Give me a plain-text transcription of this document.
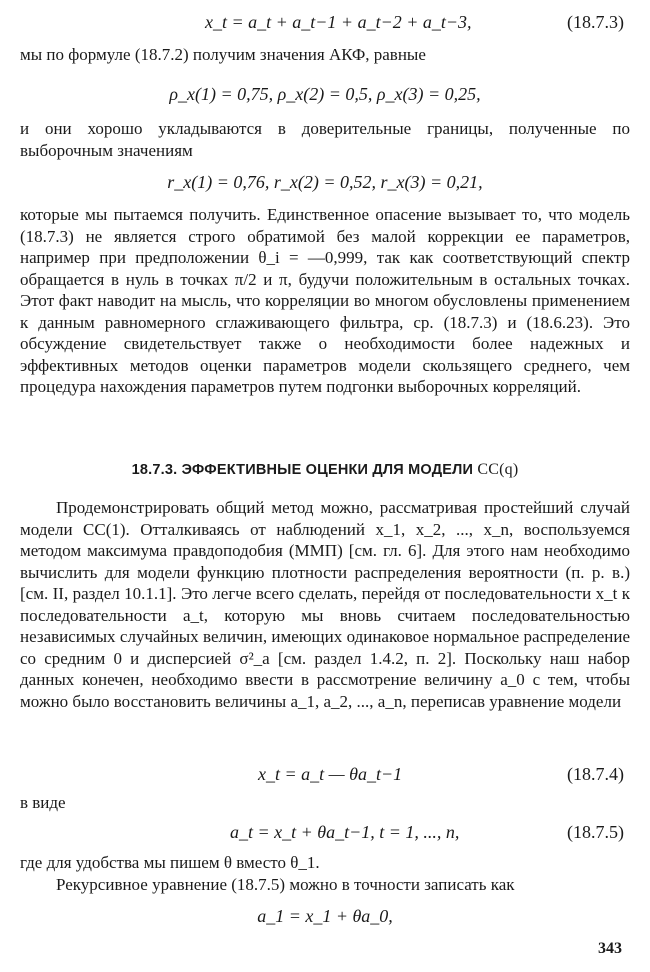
x_t = a_t + a_t−1 + a_t−2 + a_t−3,	(18.7.3)
мы по формуле (18.7.2) получим значения АКФ, равные
ρ_x(1) = 0,75, ρ_x(2) = 0,5, ρ_x(3) = 0,25,
и они хорошо укладываются в доверительные границы, полученные по выборочным значениям
r_x(1) = 0,76, r_x(2) = 0,52, r_x(3) = 0,21,
которые мы пытаемся получить. Единственное опасение вызывает то, что модель (18.7.3) не является строго обратимой без малой коррекции ее параметров, например при предположении θ_i = —0,999, так как соответствующий спектр обращается в нуль в точках π/2 и π, будучи положительным в остальных точках. Этот факт наводит на мысль, что корреляции во многом обусловлены применением к данным равномерного сглаживающего фильтра, ср. (18.7.3) и (18.6.23). Это обсуждение свидетельствует также о необходимости более надежных и эффективных методов оценки параметров модели скользящего среднего, чем процедура нахождения параметров путем подгонки выборочных корреляций.
18.7.3. ЭФФЕКТИВНЫЕ ОЦЕНКИ ДЛЯ МОДЕЛИ СС(q)
Продемонстрировать общий метод можно, рассматривая простейший случай модели СС(1). Отталкиваясь от наблюдений x_1, x_2, ..., x_n, воспользуемся методом максимума правдоподобия (ММП) [см. гл. 6]. Для этого нам необходимо вычислить для модели функцию плотности распределения вероятности (п. р. в.) [см. II, раздел 10.1.1]. Это легче всего сделать, перейдя от последовательности x_t к последовательности a_t, которую мы вновь считаем последовательностью независимых случайных величин, имеющих одинаковое нормальное распределение со средним 0 и дисперсией σ²_a [см. раздел 1.4.2, п. 2]. Поскольку наш набор данных конечен, необходимо ввести в рассмотрение величину a_0 с тем, чтобы можно было восстановить величины a_1, a_2, ..., a_n, переписав уравнение модели
x_t = a_t — θa_t−1	(18.7.4)
в виде
a_t = x_t + θa_t−1, t = 1, ..., n,	(18.7.5)
где для удобства мы пишем θ вместо θ_1.
Рекурсивное уравнение (18.7.5) можно в точности записать как
a_1 = x_1 + θa_0,
343
